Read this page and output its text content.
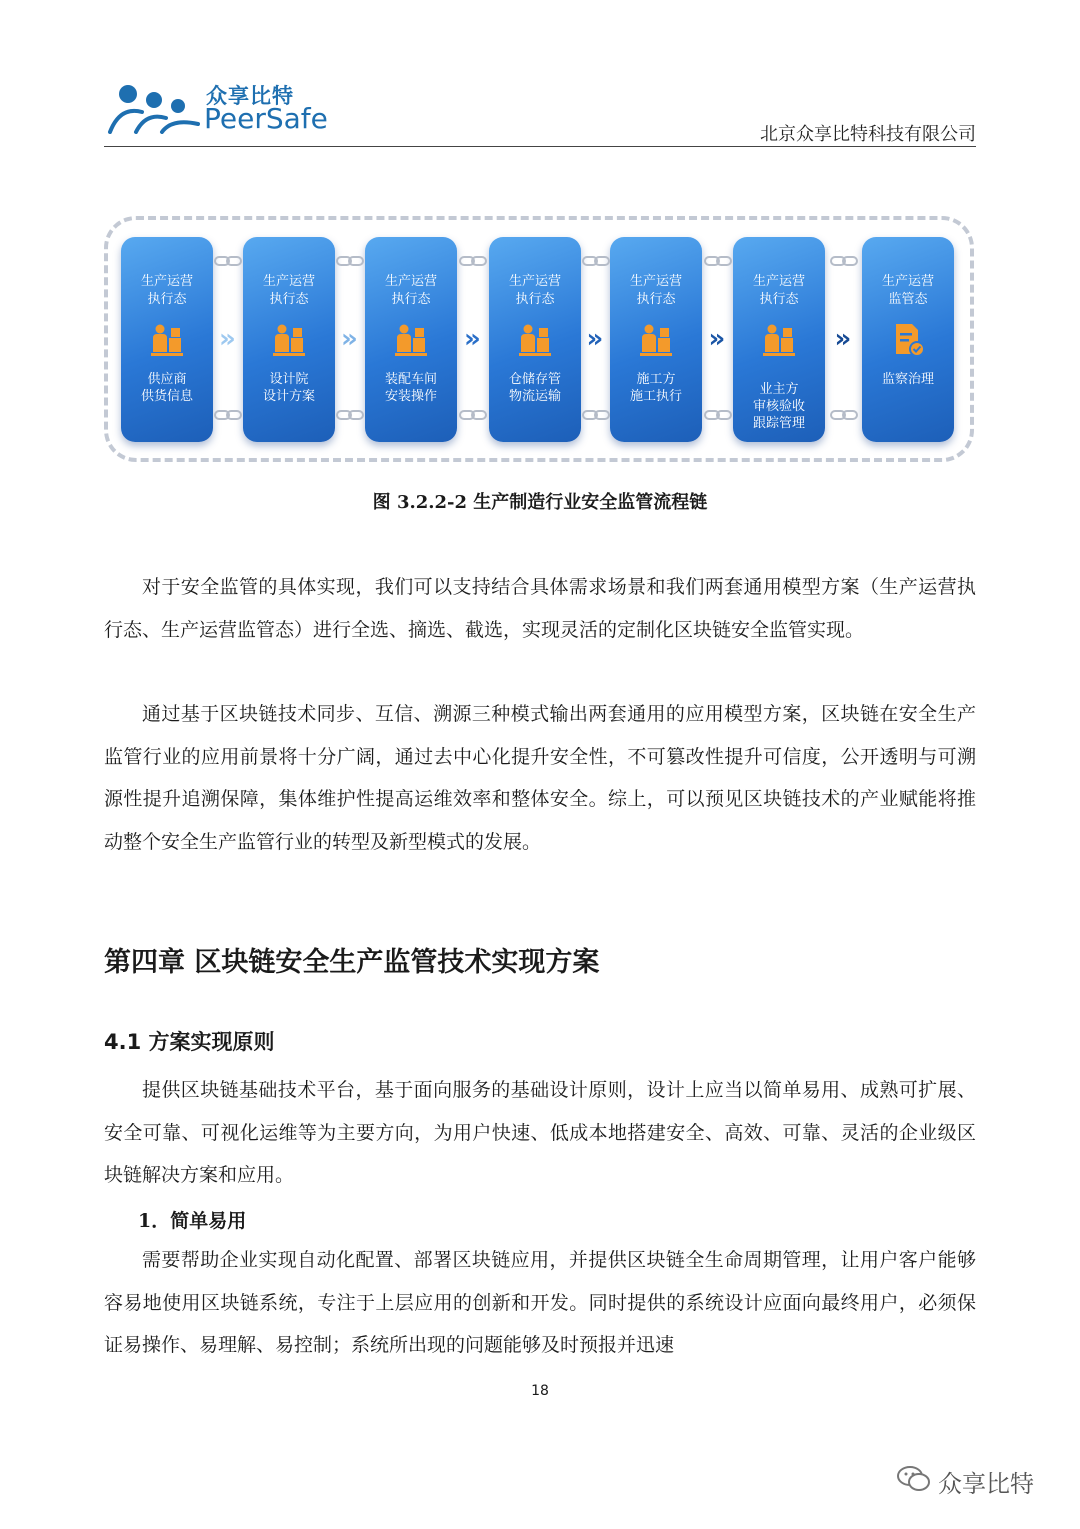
众享比特
PeerSafe	北京众享比特科技有限公司
生产运营
执行态
供应商
供货信息
生产运营
执行态
设计院
设计方案
生产运营
执行态
装配车间
安装操作
生产运营
执行态
仓储存管
物流运输
生产运营
执行态
施工方
施工执行
生产运营
执行态
业主方
审核验收
跟踪管理
生产运营
监管态
监察治理
»	»	»	»	»	»
图 3.2.2-2 生产制造行业安全监管流程链

对于安全监管的具体实现，我们可以支持结合具体需求场景和我们两套通用模型方案（生产运营执行态、生产运营监管态）进行全选、摘选、截选，实现灵活的定制化区块链安全监管实现。

通过基于区块链技术同步、互信、溯源三种模式输出两套通用的应用模型方案，区块链在安全生产监管行业的应用前景将十分广阔，通过去中心化提升安全性，不可篡改性提升可信度，公开透明与可溯源性提升追溯保障，集体维护性提高运维效率和整体安全。综上，可以预见区块链技术的产业赋能将推动整个安全生产监管行业的转型及新型模式的发展。

第四章 区块链安全生产监管技术实现方案
4.1 方案实现原则

提供区块链基础技术平台，基于面向服务的基础设计原则，设计上应当以简单易用、成熟可扩展、安全可靠、可视化运维等为主要方向，为用户快速、低成本地搭建安全、高效、可靠、灵活的企业级区块链解决方案和应用。

1．简单易用

需要帮助企业实现自动化配置、部署区块链应用，并提供区块链全生命周期管理，让用户客户能够容易地使用区块链系统，专注于上层应用的创新和开发。同时提供的系统设计应面向最终用户，必须保证易操作、易理解、易控制；系统所出现的问题能够及时预报并迅速

18
众享比特
